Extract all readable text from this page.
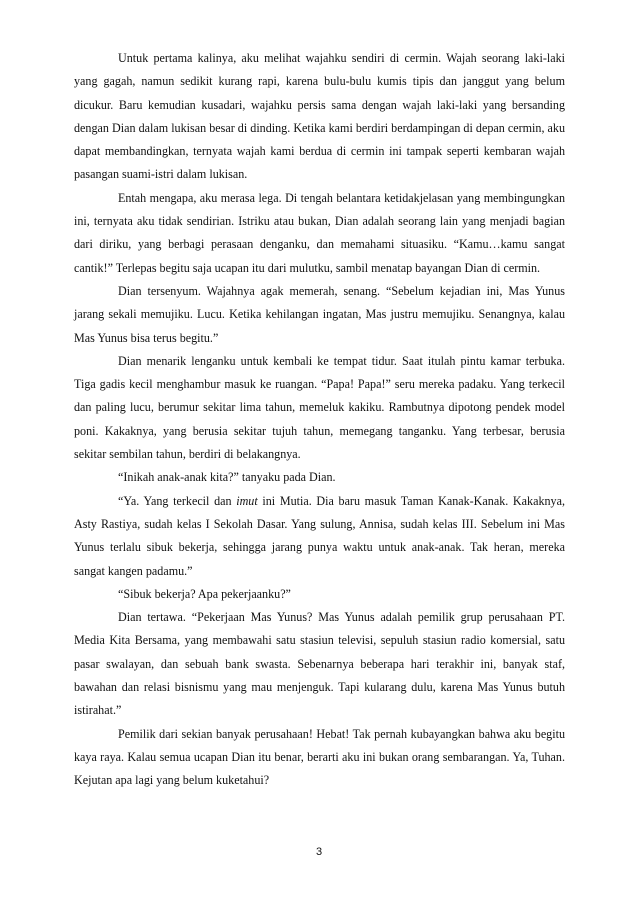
Untuk pertama kalinya, aku melihat wajahku sendiri di cermin. Wajah seorang laki-laki yang gagah, namun sedikit kurang rapi, karena bulu-bulu kumis tipis dan janggut yang belum dicukur. Baru kemudian kusadari, wajahku persis sama dengan wajah laki-laki yang bersanding dengan Dian dalam lukisan besar di dinding. Ketika kami berdiri berdampingan di depan cermin, aku dapat membandingkan, ternyata wajah kami berdua di cermin ini tampak seperti kembaran wajah pasangan suami-istri dalam lukisan.

Entah mengapa, aku merasa lega. Di tengah belantara ketidakjelasan yang membingungkan ini, ternyata aku tidak sendirian. Istriku atau bukan, Dian adalah seorang lain yang menjadi bagian dari diriku, yang berbagi perasaan denganku, dan memahami situasiku. “Kamu…kamu sangat cantik!” Terlepas begitu saja ucapan itu dari mulutku, sambil menatap bayangan Dian di cermin.

Dian tersenyum. Wajahnya agak memerah, senang. “Sebelum kejadian ini, Mas Yunus jarang sekali memujiku. Lucu. Ketika kehilangan ingatan, Mas justru memujiku. Senangnya, kalau Mas Yunus bisa terus begitu.”

Dian menarik lenganku untuk kembali ke tempat tidur. Saat itulah pintu kamar terbuka. Tiga gadis kecil menghambur masuk ke ruangan. “Papa! Papa!” seru mereka padaku. Yang terkecil dan paling lucu, berumur sekitar lima tahun, memeluk kakiku. Rambutnya dipotong pendek model poni. Kakaknya, yang berusia sekitar tujuh tahun, memegang tanganku. Yang terbesar, berusia sekitar sembilan tahun, berdiri di belakangnya.

“Inikah anak-anak kita?” tanyaku pada Dian.

“Ya. Yang terkecil dan imut ini Mutia. Dia baru masuk Taman Kanak-Kanak. Kakaknya, Asty Rastiya, sudah kelas I Sekolah Dasar. Yang sulung, Annisa, sudah kelas III. Sebelum ini Mas Yunus terlalu sibuk bekerja, sehingga jarang punya waktu untuk anak-anak. Tak heran, mereka sangat kangen padamu.”

“Sibuk bekerja? Apa pekerjaanku?”

Dian tertawa. “Pekerjaan Mas Yunus? Mas Yunus adalah pemilik grup perusahaan PT. Media Kita Bersama, yang membawahi satu stasiun televisi, sepuluh stasiun radio komersial, satu pasar swalayan, dan sebuah bank swasta. Sebenarnya beberapa hari terakhir ini, banyak staf, bawahan dan relasi bisnismu yang mau menjenguk. Tapi kularang dulu, karena Mas Yunus butuh istirahat.”

Pemilik dari sekian banyak perusahaan! Hebat! Tak pernah kubayangkan bahwa aku begitu kaya raya. Kalau semua ucapan Dian itu benar, berarti aku ini bukan orang sembarangan. Ya, Tuhan. Kejutan apa lagi yang belum kuketahui?

3
